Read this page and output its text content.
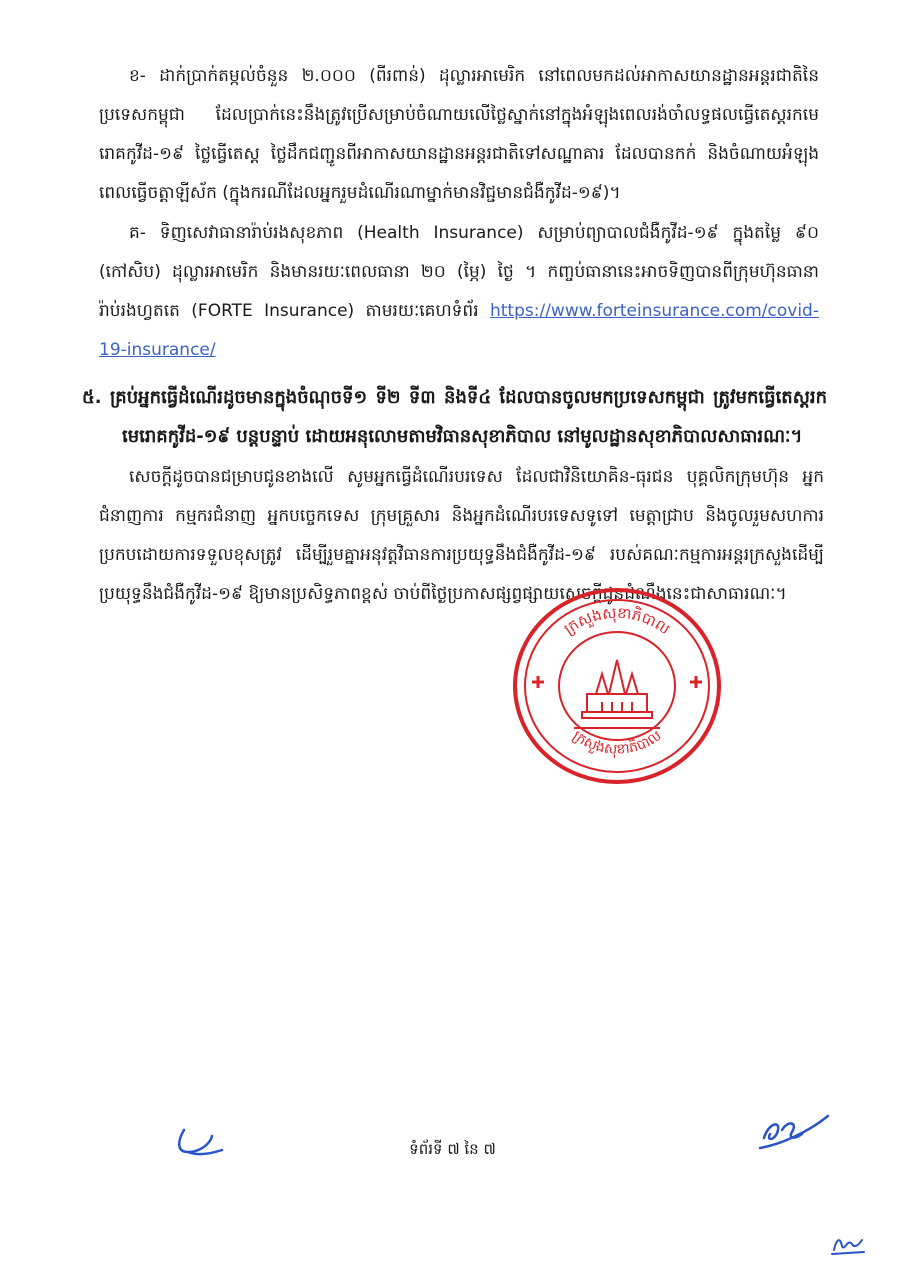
ខ- ដាក់ប្រាក់តម្កល់ចំនួន ២.០០០ (ពីរពាន់) ដុល្លារអាមេរិក នៅពេលមកដល់អាកាសយានដ្ឋានអន្តរជាតិនៃប្រទេសកម្ពុជា ដែលប្រាក់នេះនឹងត្រូវប្រើសម្រាប់ចំណាយលើថ្លៃស្នាក់នៅក្នុងអំឡុងពេលរង់ចាំលទ្ធផលធ្វើតេស្តរកមេរោគកូវីដ-១៩ ថ្លៃធ្វើតេស្ត ថ្លៃដឹកជញ្ជូនពីអាកាសយានដ្ឋានអន្តរជាតិទៅសណ្ឋាគារ ដែលបានកក់ និងចំណាយអំឡុងពេលធ្វើចត្តាឡីស័ក (ក្នុងករណីដែលអ្នករួមដំណើរណាម្នាក់មានវិជ្ជមានជំងឺកូវីដ-១៩)។
គ- ទិញសេវាធានារ៉ាប់រងសុខភាព (Health Insurance) សម្រាប់ព្យាបាលជំងឺកូវីដ-១៩ ក្នុងតម្លៃ ៩០ (កៅសិប) ដុល្លារអាមេរិក និងមានរយៈពេលធានា ២០ (ម្ភៃ) ថ្ងៃ ។ កញ្ចប់ធានានេះអាចទិញបានពីក្រុមហ៊ុនធានារ៉ាប់រងហ្វតតេ (FORTE Insurance) តាមរយៈគេហទំព័រ https://www.forteinsurance.com/covid-19-insurance/
៥. គ្រប់អ្នកធ្វើដំណើរដូចមានក្នុងចំណុចទី១ ទី២ ទី៣ និងទី៤ ដែលបានចូលមកប្រទេសកម្ពុជា ត្រូវមកធ្វើតេស្តរកមេរោគកូវីដ-១៩ បន្តបន្ទាប់ ដោយអនុលោមតាមវិធានសុខាភិបាល នៅមូលដ្ឋានសុខាភិបាលសាធារណៈ។
សេចក្តីដូចបានជម្រាបជូនខាងលើ សូមអ្នកធ្វើដំណើរបរទេស ដែលជាវិនិយោគិន-ធុរជន បុគ្គលិកក្រុមហ៊ុន អ្នកជំនាញការ កម្មករជំនាញ អ្នកបច្ចេកទេស ក្រុមគ្រួសារ និងអ្នកដំណើរបរទេសទូទៅ មេត្តាជ្រាប និងចូលរួមសហការប្រកបដោយការទទួលខុសត្រូវ ដើម្បីរួមគ្នាអនុវត្តវិធានការប្រយុទ្ធនឹងជំងឺកូវីដ-១៩ របស់គណៈកម្មការអន្តរក្រសួងដើម្បីប្រយុទ្ធនឹងជំងឺកូវីដ-១៩ ឱ្យមានប្រសិទ្ធភាពខ្ពស់ ចាប់ពីថ្ងៃប្រកាសផ្សព្វផ្សាយសេចក្តីជូនដំណឹងនេះជាសាធារណៈ។
ក្រសួងសុខាភិបាល
ក្រសួងសុខាភិបាល
ទំព័រទី ៧ នៃ ៧
